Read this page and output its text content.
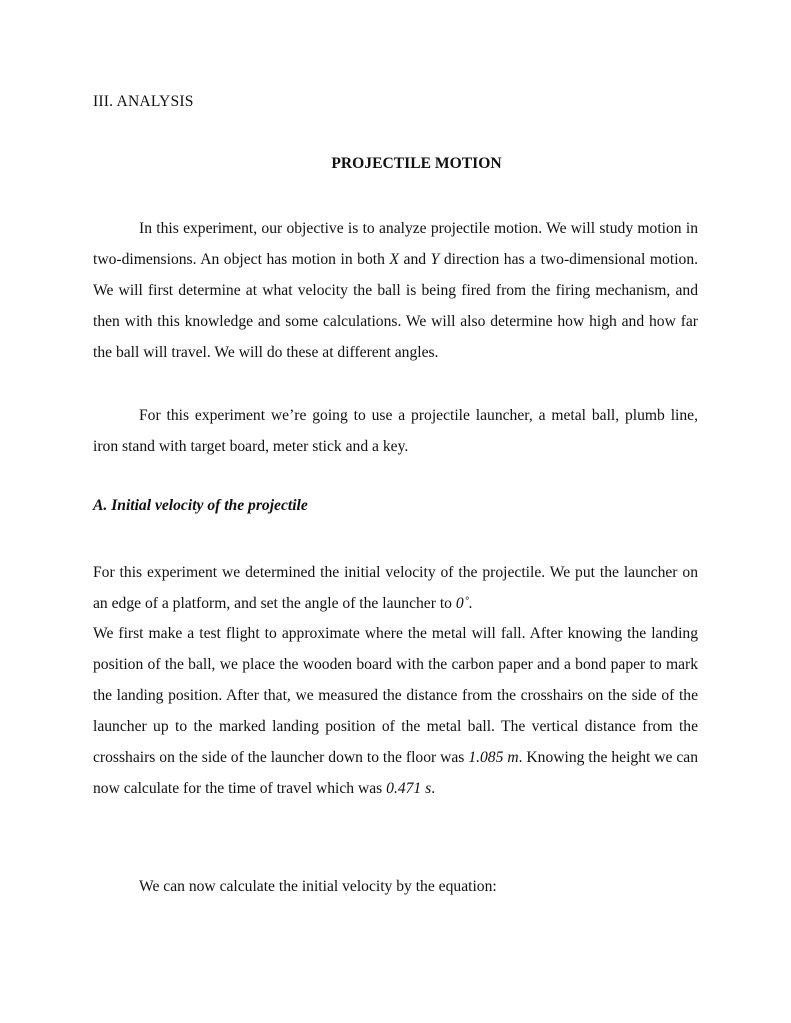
III. ANALYSIS
PROJECTILE MOTION
In this experiment, our objective is to analyze projectile motion. We will study motion in two-dimensions. An object has motion in both X and Y direction has a two-dimensional motion. We will first determine at what velocity the ball is being fired from the firing mechanism, and then with this knowledge and some calculations. We will also determine how high and how far the ball will travel. We will do these at different angles.
For this experiment we’re going to use a projectile launcher, a metal ball, plumb line, iron stand with target board, meter stick and a key.
A. Initial velocity of the projectile
For this experiment we determined the initial velocity of the projectile. We put the launcher on an edge of a platform, and set the angle of the launcher to 0˚.
We first make a test flight to approximate where the metal will fall. After knowing the landing position of the ball, we place the wooden board with the carbon paper and a bond paper to mark the landing position. After that, we measured the distance from the crosshairs on the side of the launcher up to the marked landing position of the metal ball. The vertical distance from the crosshairs on the side of the launcher down to the floor was 1.085 m. Knowing the height we can now calculate for the time of travel which was 0.471 s.
We can now calculate the initial velocity by the equation:
